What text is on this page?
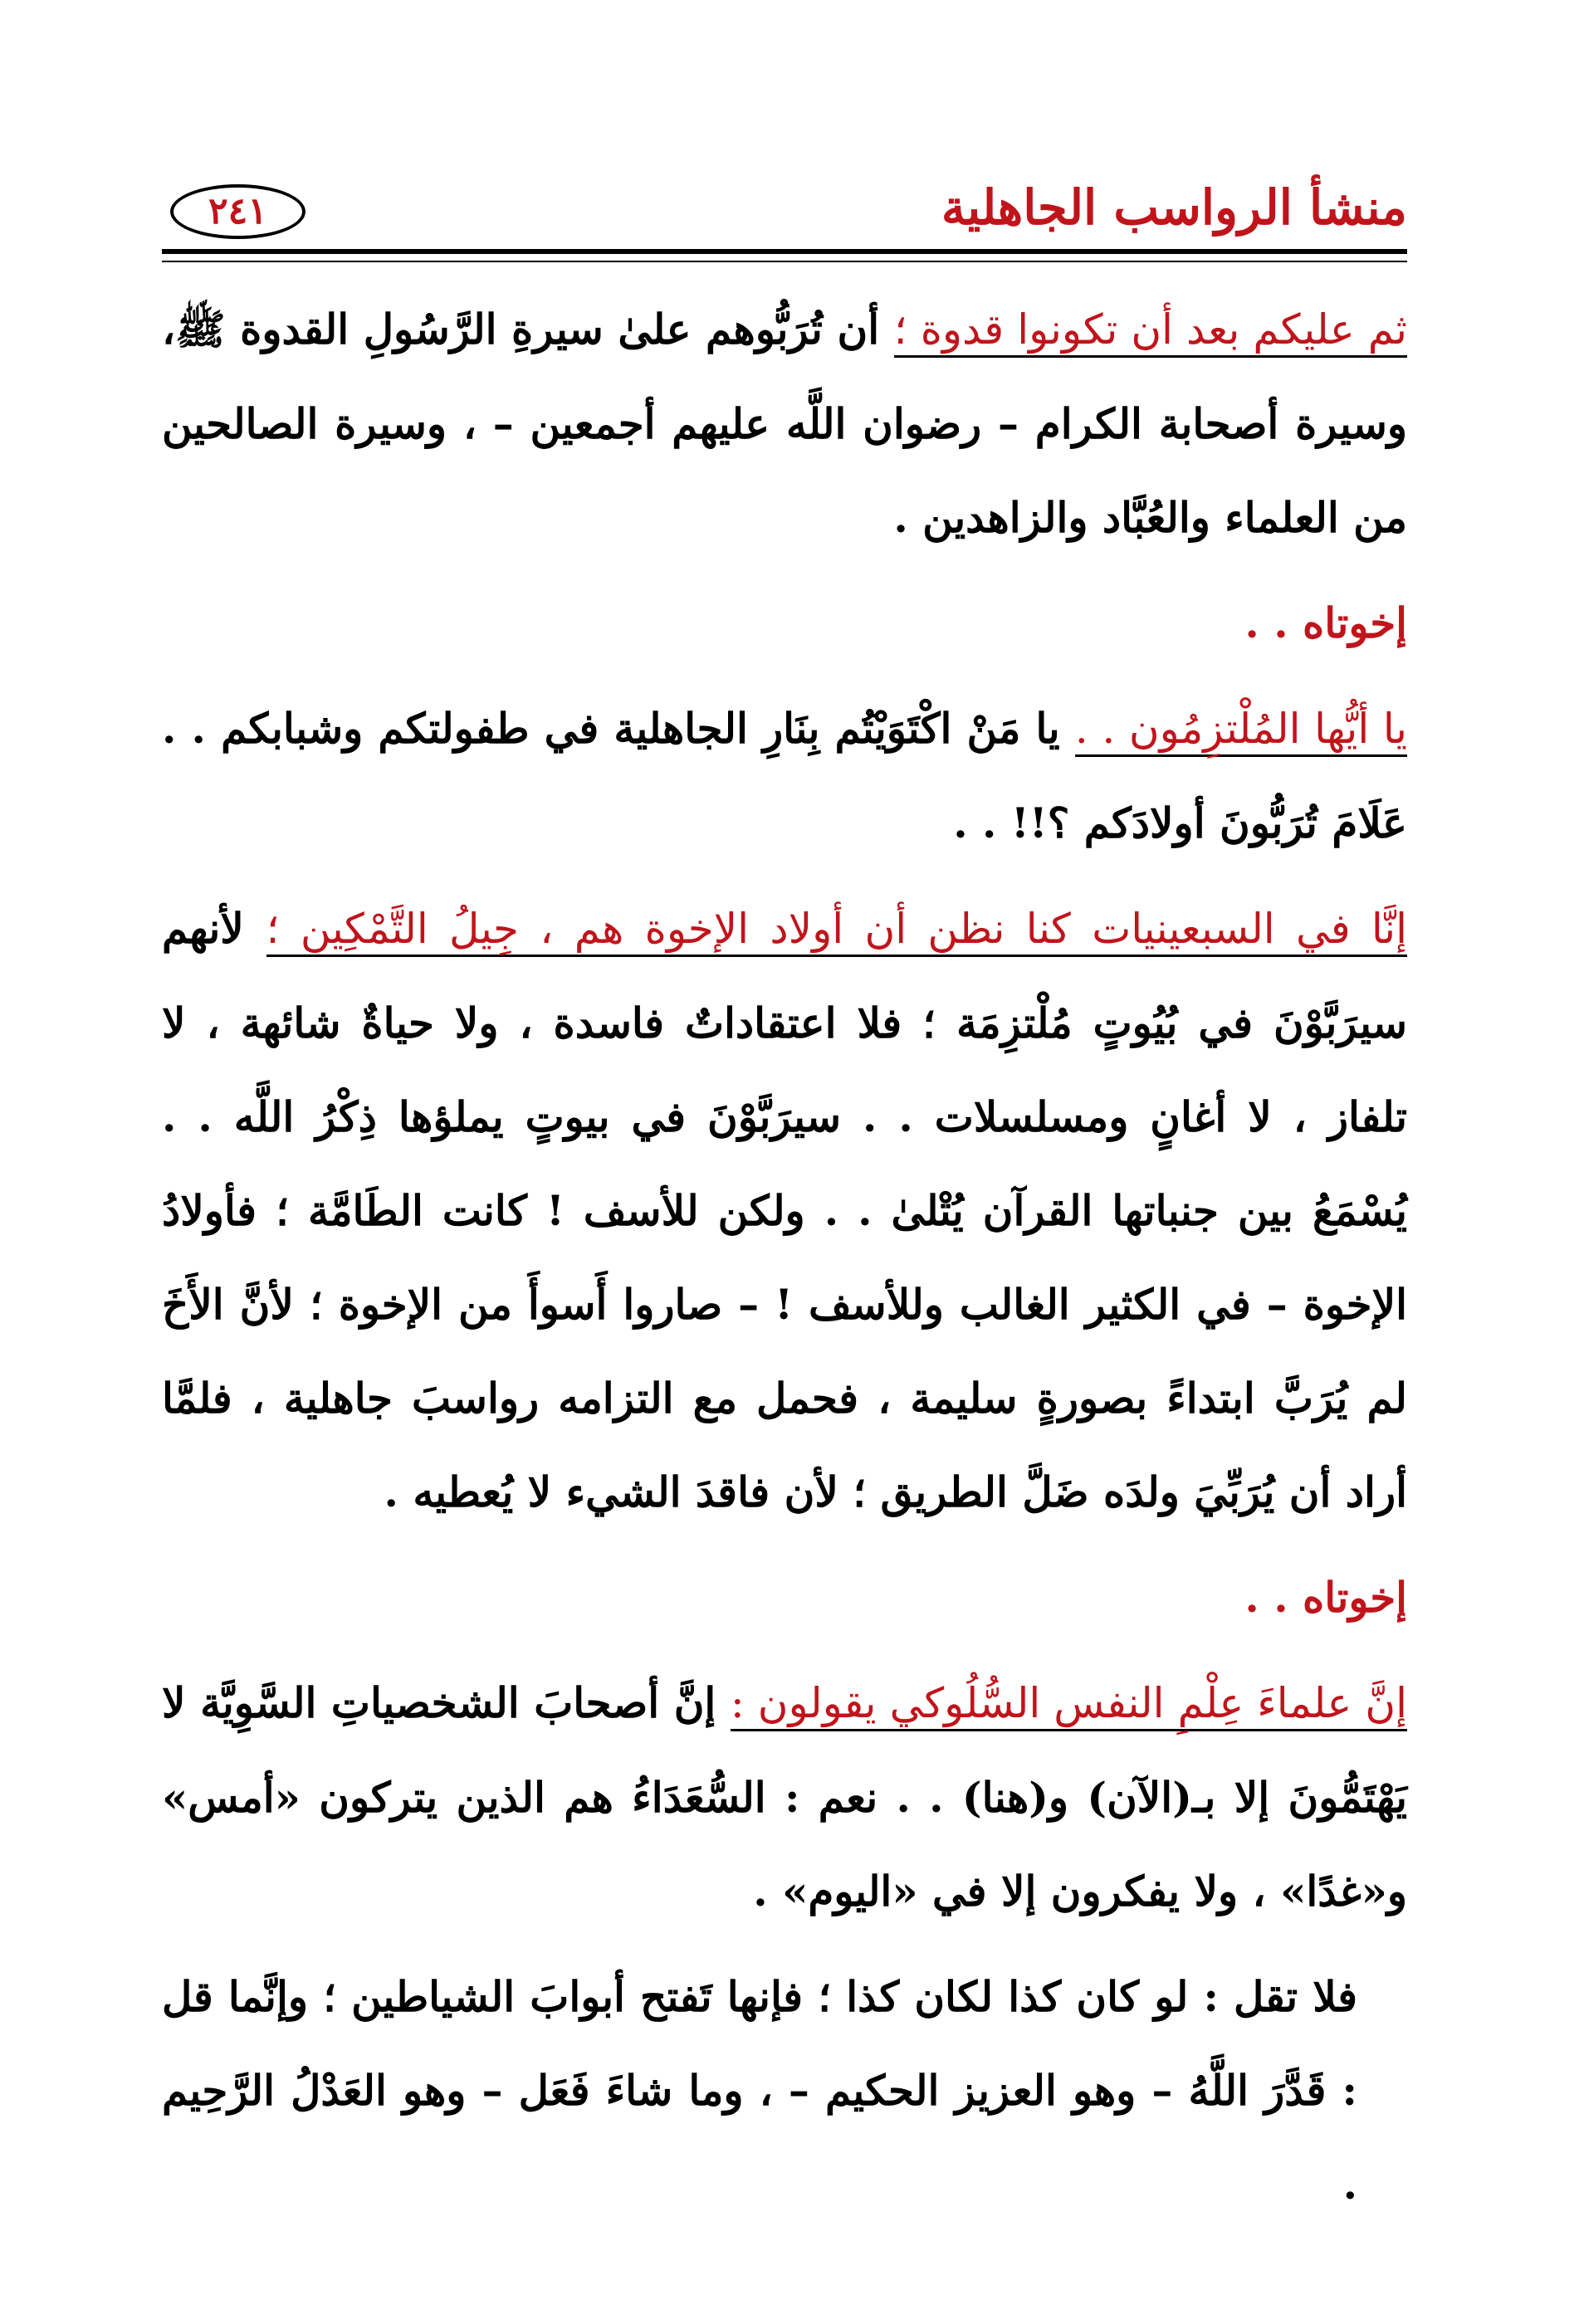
منشأ الرواسب الجاهلية
٢٤١

ثم عليكم بعد أن تكونوا قدوة ؛ أن تُرَبُّوهم علىٰ سيرةِ الرَّسُولِ القدوة ﷺ، وسيرة أصحابة الكرام – رضوان اللَّه عليهم أجمعين – ، وسيرة الصالحين من العلماء والعُبَّاد والزاهدين .

إخوتاه . .

يا أيُّها المُلْتزِمُون . . يا مَنْ اكْتَوَيْتُم بِنَارِ الجاهلية في طفولتكم وشبابكم . . عَلَامَ تُرَبُّونَ أولادَكم ؟!! . .

إنَّا في السبعينيات كنا نظن أن أولاد الإخوة هم ، جِيلُ التَّمْكِين ؛ لأنهم سيرَبَّوْنَ في بُيُوتٍ مُلْتزِمَة ؛ فلا اعتقاداتٌ فاسدة ، ولا حياةٌ شائهة ، لا تلفاز ، لا أغانٍ ومسلسلات . . سيرَبَّوْنَ في بيوتٍ يملؤها ذِكْرُ اللَّه . . يُسْمَعُ بين جنباتها القرآن يُتْلىٰ . . ولكن للأسف ! كانت الطَامَّة ؛ فأولادُ الإخوة – في الكثير الغالب وللأسف ! – صاروا أَسوأَ من الإخوة ؛ لأنَّ الأَخَ لم يُرَبَّ ابتداءً بصورةٍ سليمة ، فحمل مع التزامه رواسبَ جاهلية ، فلمَّا أراد أن يُرَبِّيَ ولدَه ضَلَّ الطريق ؛ لأن فاقدَ الشيء لا يُعطيه .

إخوتاه . .

إنَّ علماءَ عِلْمِ النفس السُّلُوكي يقولون : إنَّ أصحابَ الشخصياتِ السَّوِيَّة لا يَهْتَمُّونَ إلا بـ(الآن) و(هنا) . . نعم : السُّعَدَاءُ هم الذين يتركون «أمس» و«غدًا» ، ولا يفكرون إلا في «اليوم» .

فلا تقل : لو كان كذا لكان كذا ؛ فإنها تَفتح أبوابَ الشياطين ؛ وإنَّما قل : قَدَّرَ اللَّهُ – وهو العزيز الحكيم – ، وما شاءَ فَعَل – وهو العَدْلُ الرَّحِيم .
